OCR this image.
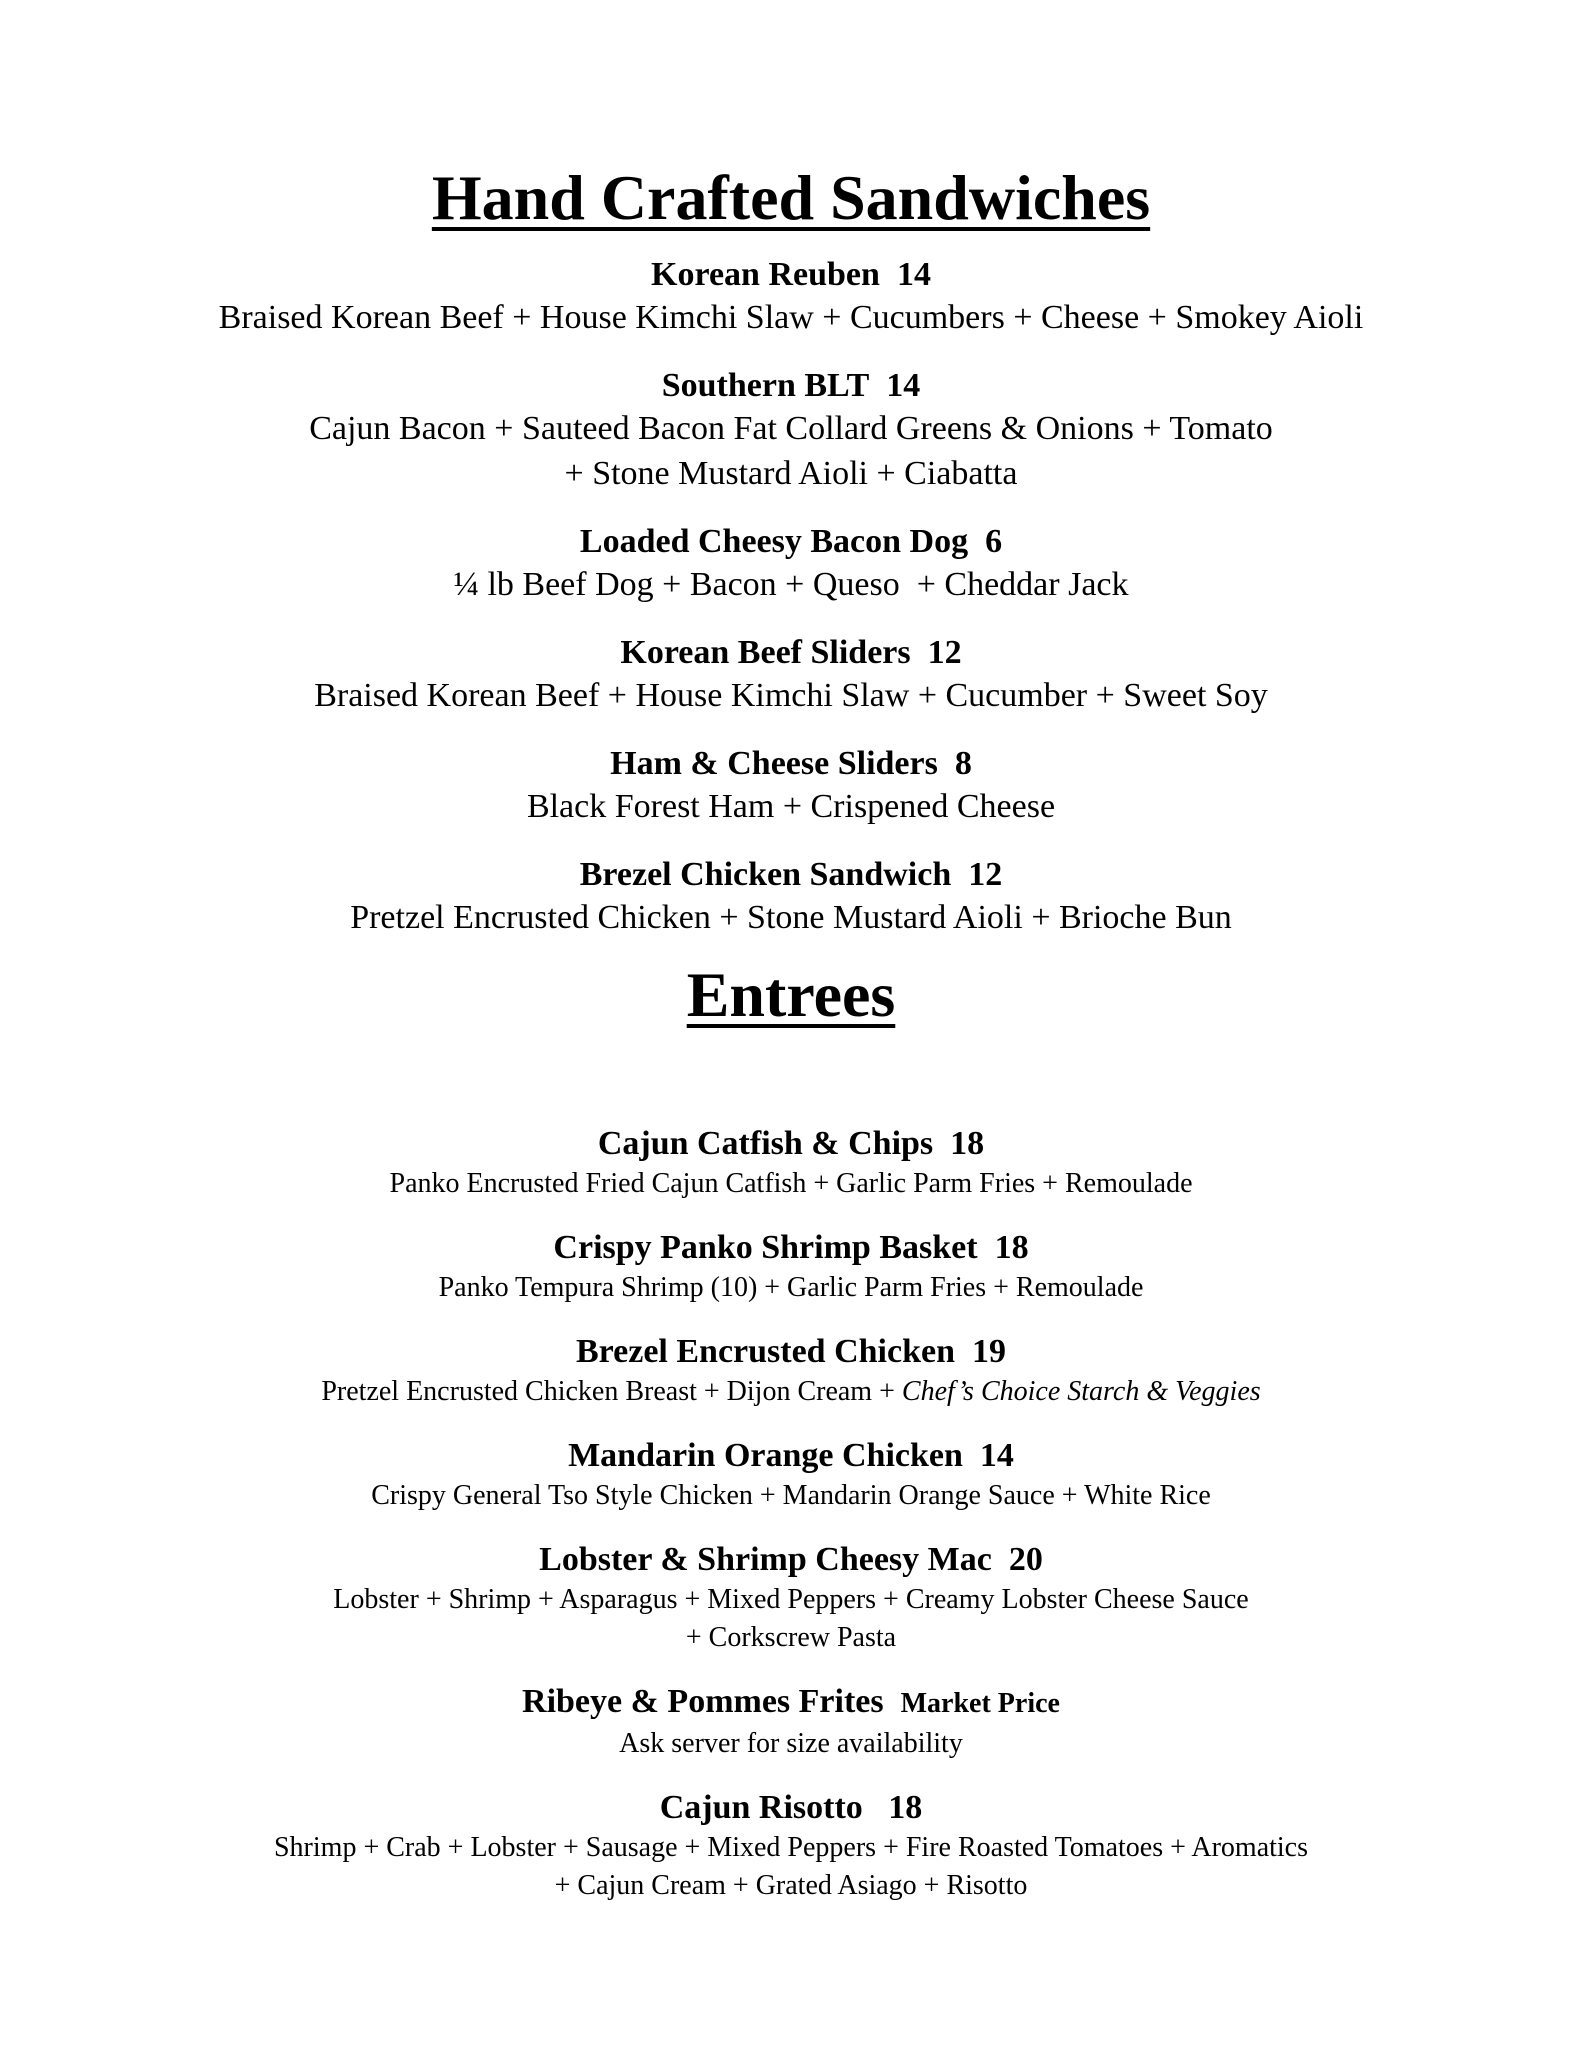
Hand Crafted Sandwiches

Korean Reuben 14

Braised Korean Beef + House Kimchi Slaw + Cucumbers + Cheese + Smokey Aioli

Southern BLT 14

Cajun Bacon + Sauteed Bacon Fat Collard Greens & Onions + Tomato

+ Stone Mustard Aioli + Ciabatta

Loaded Cheesy Bacon Dog 6

¼ lb Beef Dog + Bacon + Queso  + Cheddar Jack

Korean Beef Sliders 12

Braised Korean Beef + House Kimchi Slaw + Cucumber + Sweet Soy

Ham & Cheese Sliders 8

Black Forest Ham + Crispened Cheese

Brezel Chicken Sandwich 12

Pretzel Encrusted Chicken + Stone Mustard Aioli + Brioche Bun

Entrees

Cajun Catfish & Chips 18

Panko Encrusted Fried Cajun Catfish + Garlic Parm Fries + Remoulade

Crispy Panko Shrimp Basket 18

Panko Tempura Shrimp (10) + Garlic Parm Fries + Remoulade

Brezel Encrusted Chicken 19

Pretzel Encrusted Chicken Breast + Dijon Cream + Chef’s Choice Starch & Veggies

Mandarin Orange Chicken 14

Crispy General Tso Style Chicken + Mandarin Orange Sauce + White Rice

Lobster & Shrimp Cheesy Mac 20

Lobster + Shrimp + Asparagus + Mixed Peppers + Creamy Lobster Cheese Sauce

+ Corkscrew Pasta

Ribeye & Pommes Frites Market Price

Ask server for size availability

Cajun Risotto 18

Shrimp + Crab + Lobster + Sausage + Mixed Peppers + Fire Roasted Tomatoes + Aromatics

+ Cajun Cream + Grated Asiago + Risotto
